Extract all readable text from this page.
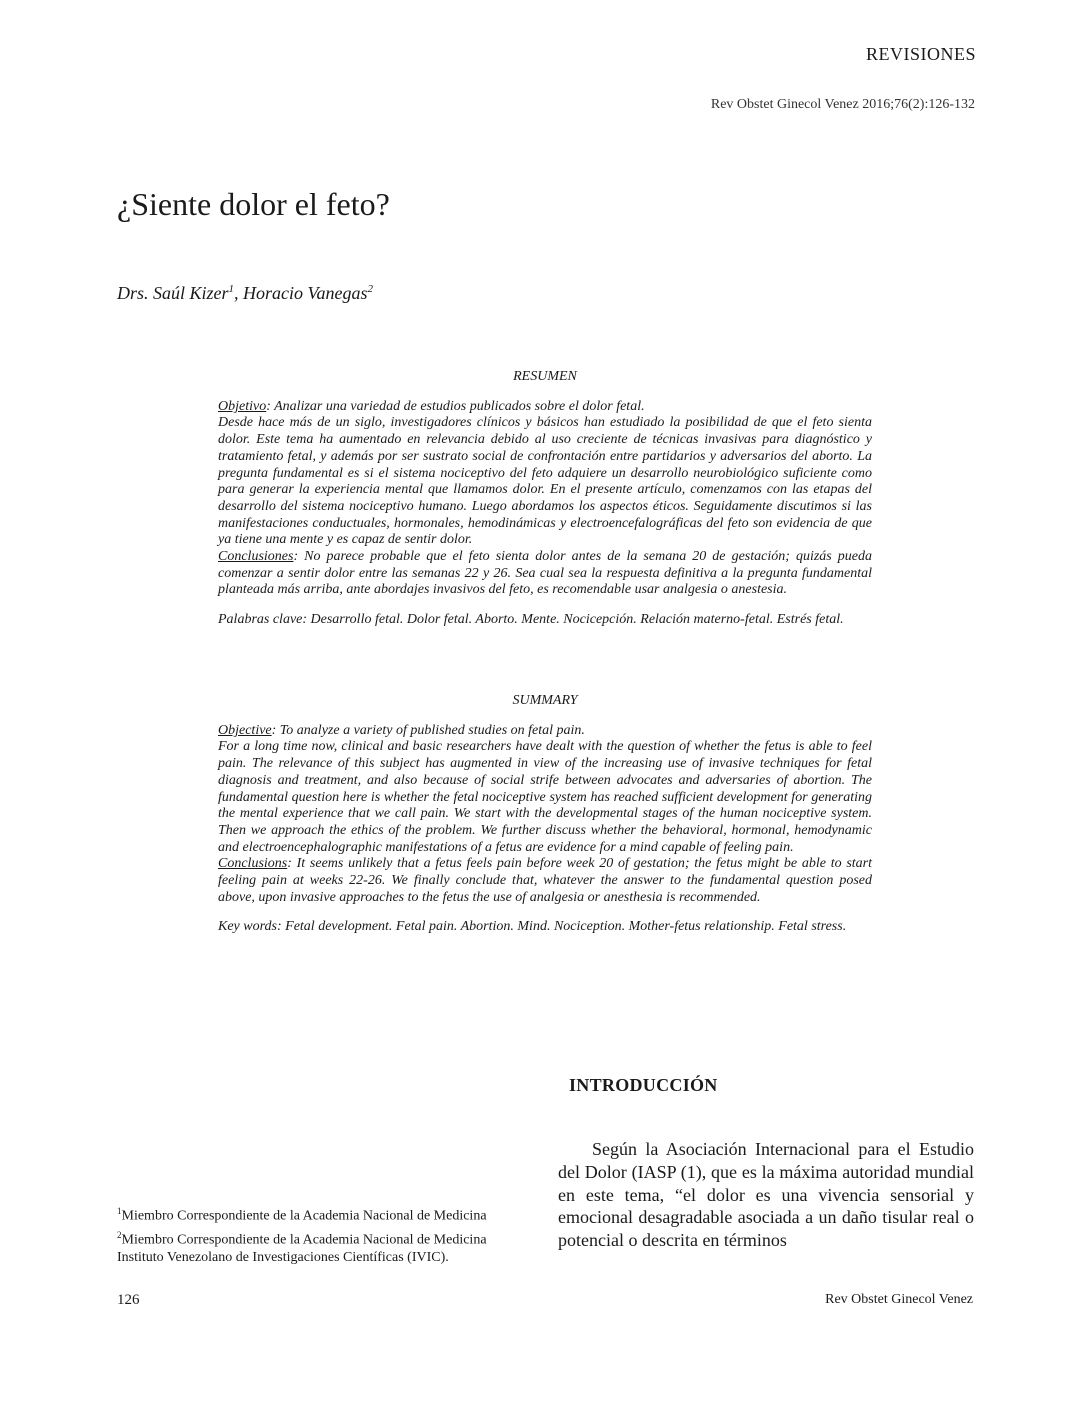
REVISIONES
Rev Obstet Ginecol Venez 2016;76(2):126-132
¿Siente dolor el feto?
Drs. Saúl Kizer$^1$, Horacio Vanegas$^2$
RESUMEN

Objetivo: Analizar una variedad de estudios publicados sobre el dolor fetal.

Desde hace más de un siglo, investigadores clínicos y básicos han estudiado la posibilidad de que el feto sienta dolor. Este tema ha aumentado en relevancia debido al uso creciente de técnicas invasivas para diagnóstico y tratamiento fetal, y además por ser sustrato social de confrontación entre partidarios y adversarios del aborto. La pregunta fundamental es si el sistema nociceptivo del feto adquiere un desarrollo neurobiológico suficiente como para generar la experiencia mental que llamamos dolor. En el presente artículo, comenzamos con las etapas del desarrollo del sistema nociceptivo humano. Luego abordamos los aspectos éticos. Seguidamente discutimos si las manifestaciones conductuales, hormonales, hemodinámicas y electroencefalográficas del feto son evidencia de que ya tiene una mente y es capaz de sentir dolor.

Conclusiones: No parece probable que el feto sienta dolor antes de la semana 20 de gestación; quizás pueda comenzar a sentir dolor entre las semanas 22 y 26. Sea cual sea la respuesta definitiva a la pregunta fundamental planteada más arriba, ante abordajes invasivos del feto, es recomendable usar analgesia o anestesia.

Palabras clave: Desarrollo fetal. Dolor fetal. Aborto. Mente. Nocicepción. Relación materno-fetal. Estrés fetal.

SUMMARY

Objective: To analyze a variety of published studies on fetal pain.

For a long time now, clinical and basic researchers have dealt with the question of whether the fetus is able to feel pain. The relevance of this subject has augmented in view of the increasing use of invasive techniques for fetal diagnosis and treatment, and also because of social strife between advocates and adversaries of abortion. The fundamental question here is whether the fetal nociceptive system has reached sufficient development for generating the mental experience that we call pain. We start with the developmental stages of the human nociceptive system. Then we approach the ethics of the problem. We further discuss whether the behavioral, hormonal, hemodynamic and electroencephalographic manifestations of a fetus are evidence for a mind capable of feeling pain.

Conclusions: It seems unlikely that a fetus feels pain before week 20 of gestation; the fetus might be able to start feeling pain at weeks 22-26. We finally conclude that, whatever the answer to the fundamental question posed above, upon invasive approaches to the fetus the use of analgesia or anesthesia is recommended.

Key words: Fetal development. Fetal pain. Abortion. Mind. Nociception. Mother-fetus relationship. Fetal stress.

INTRODUCCIÓN

Según la Asociación Internacional para el Estudio del Dolor (IASP (1), que es la máxima autoridad mundial en este tema, “el dolor es una vivencia sensorial y emocional desagradable asociada a un daño tisular real o potencial o descrita en términos

$^1$Miembro Correspondiente de la Academia Nacional de Medicina
$^2$Miembro Correspondiente de la Academia Nacional de Medicina
Instituto Venezolano de Investigaciones Científicas (IVIC).
126	Rev Obstet Ginecol Venez
